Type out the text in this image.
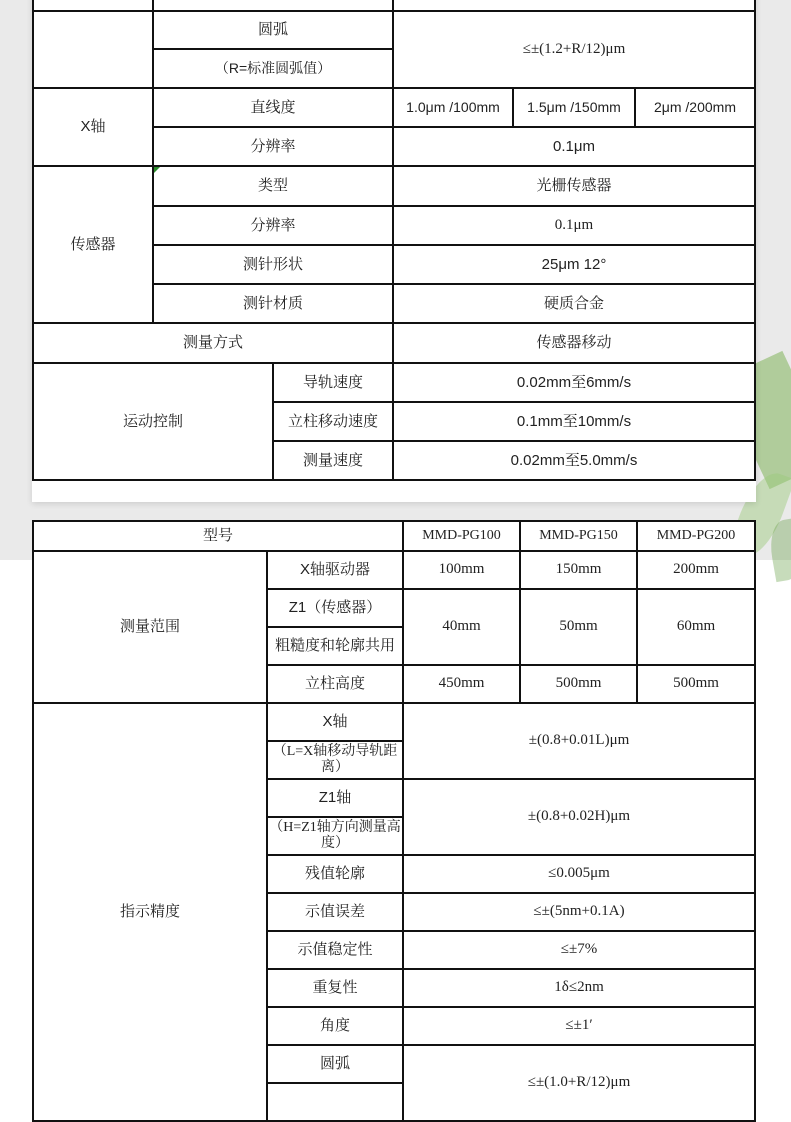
	圆弧		≤±(1.2+R/12)μm		
	（R=标准圆弧值）				
X轴	直线度		1.0μm /100mm	1.5μm /150mm	2μm /200mm
	分辨率		0.1μm		
传感器	类型		光栅传感器		
	分辨率		0.1μm		
	测针形状		25μm 12°		
	测针材质		硬质合金		
测量方式			传感器移动		
运动控制		导轨速度	0.02mm至6mm/s		
		立柱移动速度	0.1mm至10mm/s		
		测量速度	0.02mm至5.0mm/s		
型号		MMD-PG100	MMD-PG150	MMD-PG200
测量范围	X轴驱动器	100mm	150mm	200mm
	Z1（传感器）	40mm	50mm	60mm
	粗糙度和轮廓共用			
	立柱高度	450mm	500mm	500mm
指示精度	X轴	±(0.8+0.01L)μm		
	（L=X轴移动导轨距离）			
	Z1轴	±(0.8+0.02H)μm		
	（H=Z1轴方向测量高度）			
	残值轮廓	≤0.005μm		
	示值误差	≤±(5nm+0.1A)		
	示值稳定性	≤±7%		
	重复性	1δ≤2nm		
	角度	≤±1′		
	圆弧	≤±(1.0+R/12)μm		
